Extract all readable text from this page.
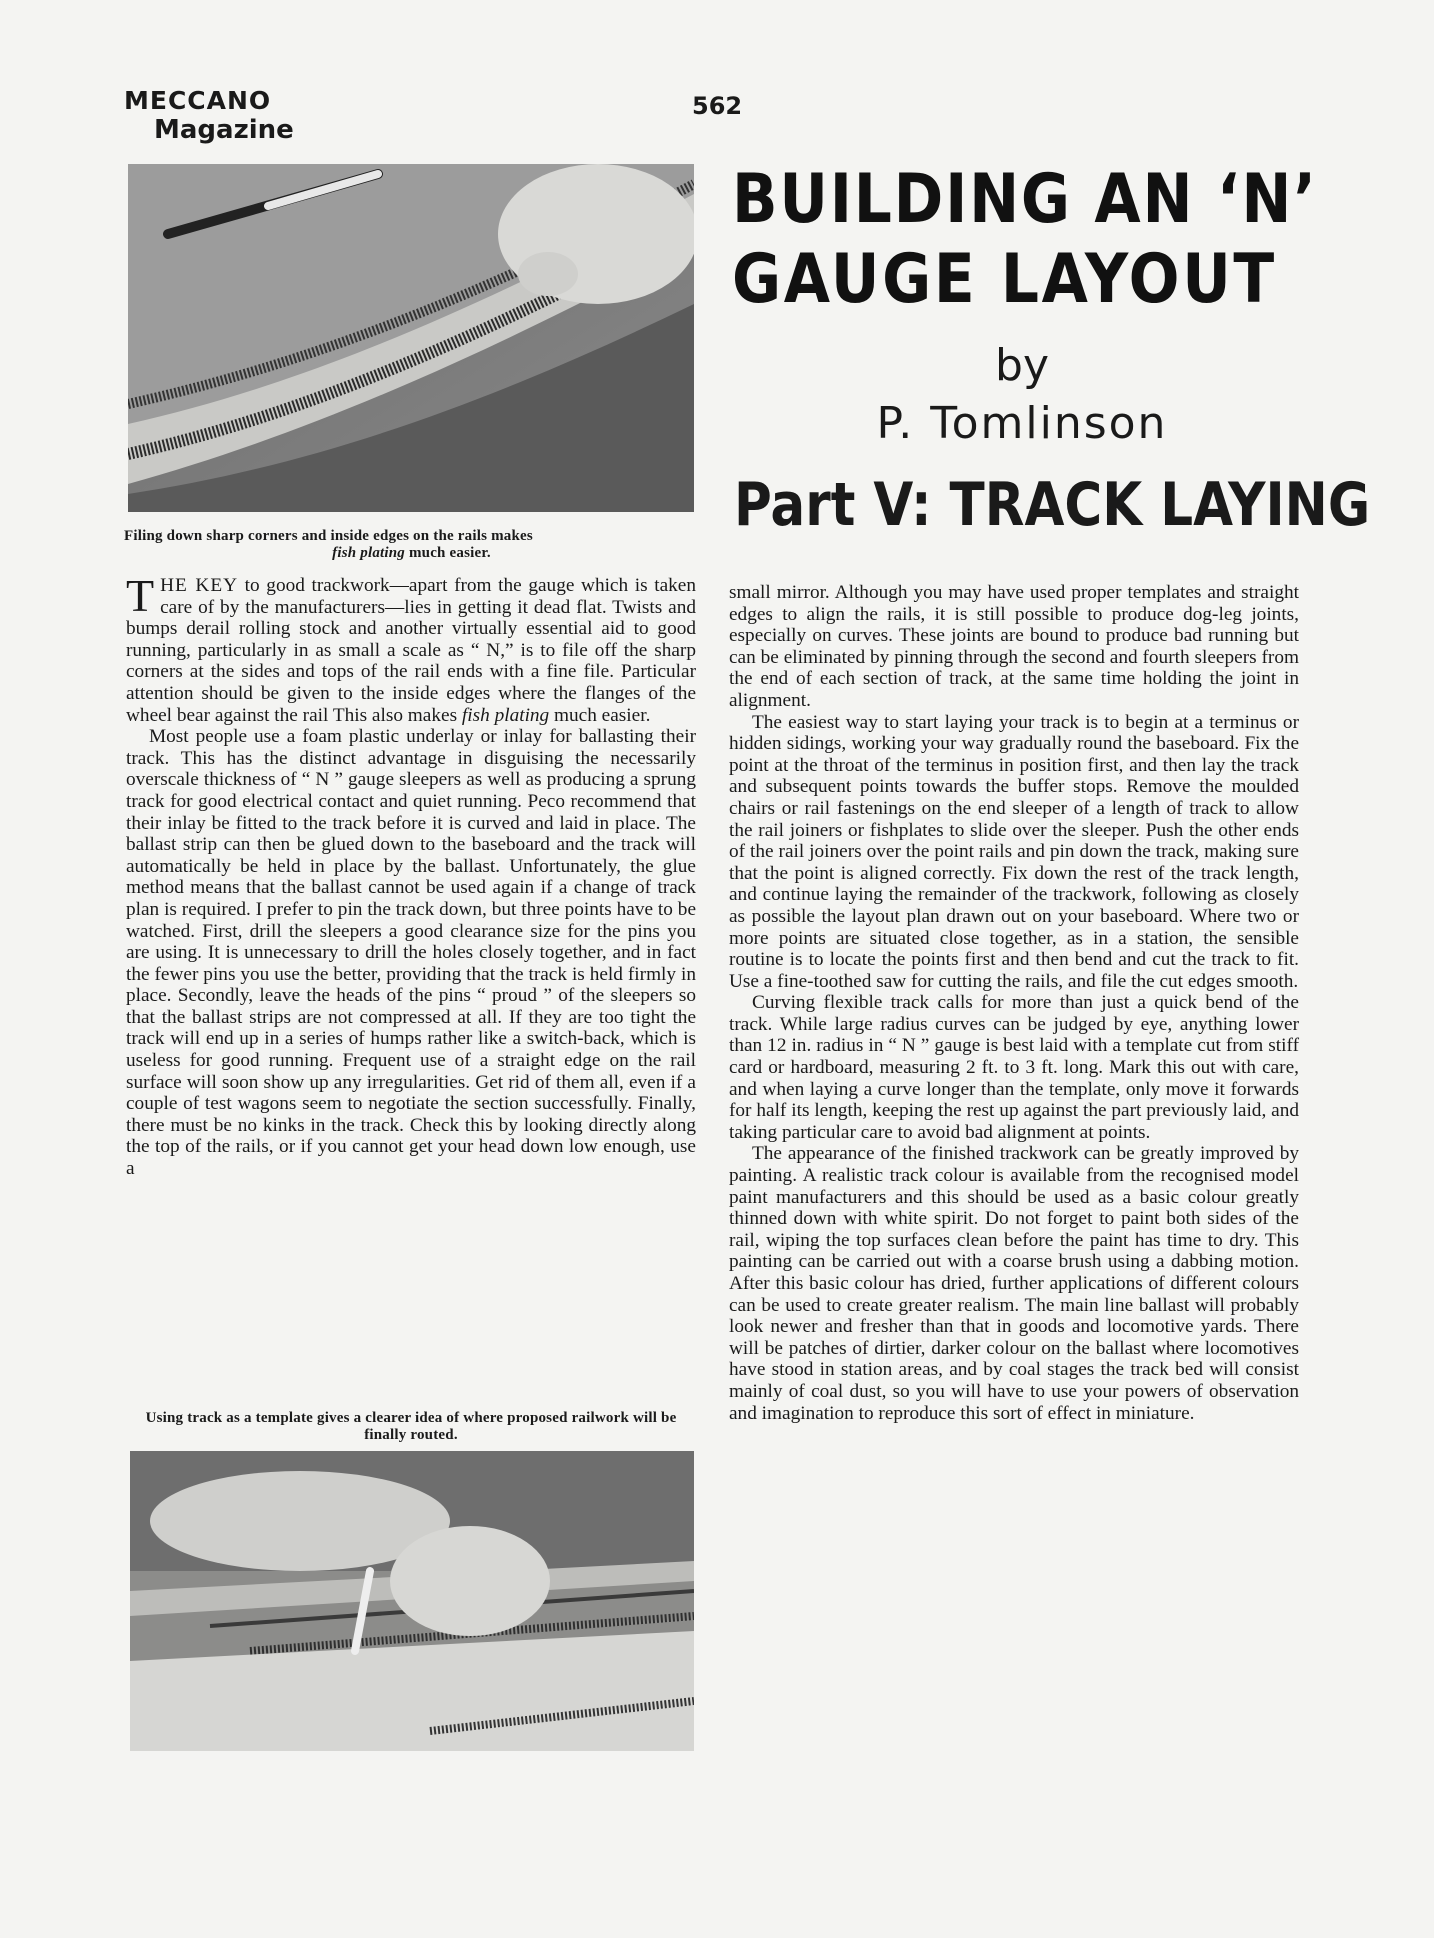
MECCANO
Magazine
562
Filing down sharp corners and inside edges on the rails makes
fish plating much easier.
BUILDING AN ‘N’
GAUGE LAYOUT
by
P. Tomlinson
Part V: TRACK LAYING

THE KEY to good trackwork—apart from the gauge which is taken care of by the manufacturers—lies in getting it dead flat. Twists and bumps derail rolling stock and another virtually essential aid to good running, particularly in as small a scale as “ N,” is to file off the sharp corners at the sides and tops of the rail ends with a fine file. Particular attention should be given to the inside edges where the flanges of the wheel bear against the rail This also makes fish plating much easier.

Most people use a foam plastic underlay or inlay for ballasting their track. This has the distinct advantage in disguising the necessarily overscale thickness of “ N ” gauge sleepers as well as producing a sprung track for good electrical contact and quiet running. Peco recommend that their inlay be fitted to the track before it is curved and laid in place. The ballast strip can then be glued down to the baseboard and the track will automatically be held in place by the ballast. Unfortunately, the glue method means that the ballast cannot be used again if a change of track plan is required. I prefer to pin the track down, but three points have to be watched. First, drill the sleepers a good clearance size for the pins you are using. It is unnecessary to drill the holes closely together, and in fact the fewer pins you use the better, providing that the track is held firmly in place. Secondly, leave the heads of the pins “ proud ” of the sleepers so that the ballast strips are not compressed at all. If they are too tight the track will end up in a series of humps rather like a switch-back, which is useless for good running. Frequent use of a straight edge on the rail surface will soon show up any irregularities. Get rid of them all, even if a couple of test wagons seem to negotiate the section successfully. Finally, there must be no kinks in the track. Check this by looking directly along the top of the rails, or if you cannot get your head down low enough, use a

Using track as a template gives a clearer idea of where proposed railwork will be finally routed.

small mirror. Although you may have used proper templates and straight edges to align the rails, it is still possible to produce dog-leg joints, especially on curves. These joints are bound to produce bad running but can be eliminated by pinning through the second and fourth sleepers from the end of each section of track, at the same time holding the joint in alignment.

The easiest way to start laying your track is to begin at a terminus or hidden sidings, working your way gradually round the baseboard. Fix the point at the throat of the terminus in position first, and then lay the track and subsequent points towards the buffer stops. Remove the moulded chairs or rail fastenings on the end sleeper of a length of track to allow the rail joiners or fishplates to slide over the sleeper. Push the other ends of the rail joiners over the point rails and pin down the track, making sure that the point is aligned correctly. Fix down the rest of the track length, and continue laying the remainder of the trackwork, following as closely as possible the layout plan drawn out on your baseboard. Where two or more points are situated close together, as in a station, the sensible routine is to locate the points first and then bend and cut the track to fit. Use a fine-toothed saw for cutting the rails, and file the cut edges smooth.

Curving flexible track calls for more than just a quick bend of the track. While large radius curves can be judged by eye, anything lower than 12 in. radius in “ N ” gauge is best laid with a template cut from stiff card or hardboard, measuring 2 ft. to 3 ft. long. Mark this out with care, and when laying a curve longer than the template, only move it forwards for half its length, keeping the rest up against the part previously laid, and taking particular care to avoid bad alignment at points.

The appearance of the finished trackwork can be greatly improved by painting. A realistic track colour is available from the recognised model paint manufacturers and this should be used as a basic colour greatly thinned down with white spirit. Do not forget to paint both sides of the rail, wiping the top surfaces clean before the paint has time to dry. This painting can be carried out with a coarse brush using a dabbing motion. After this basic colour has dried, further applications of different colours can be used to create greater realism. The main line ballast will probably look newer and fresher than that in goods and locomotive yards. There will be patches of dirtier, darker colour on the ballast where locomotives have stood in station areas, and by coal stages the track bed will consist mainly of coal dust, so you will have to use your powers of observation and imagination to reproduce this sort of effect in miniature.
